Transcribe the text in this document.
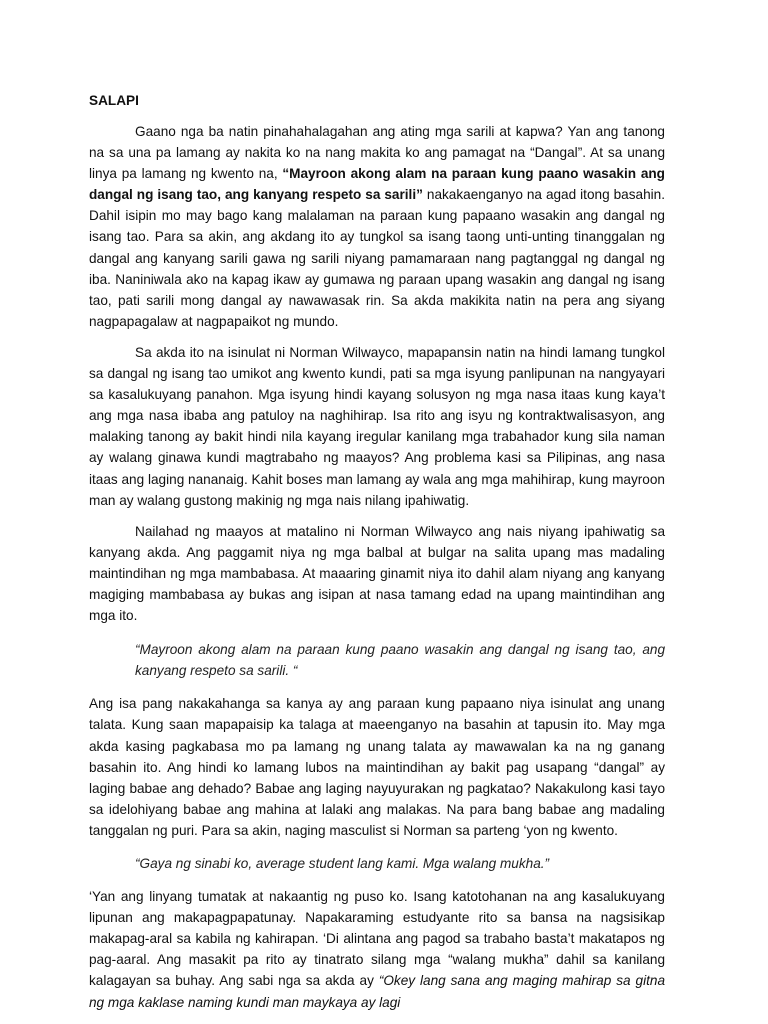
SALAPI

Gaano nga ba natin pinahahalagahan ang ating mga sarili at kapwa? Yan ang tanong na sa una pa lamang ay nakita ko na nang makita ko ang pamagat na “Dangal”. At sa unang linya pa lamang ng kwento na, “Mayroon akong alam na paraan kung paano wasakin ang dangal ng isang tao, ang kanyang respeto sa sarili” nakakaenganyo na agad itong basahin. Dahil isipin mo may bago kang malalaman na paraan kung papaano wasakin ang dangal ng isang tao. Para sa akin, ang akdang ito ay tungkol sa isang taong unti-unting tinanggalan ng dangal ang kanyang sarili gawa ng sarili niyang pamamaraan nang pagtanggal ng dangal ng iba. Naniniwala ako na kapag ikaw ay gumawa ng paraan upang wasakin ang dangal ng isang tao, pati sarili mong dangal ay nawawasak rin. Sa akda makikita natin na pera ang siyang nagpapagalaw at nagpapaikot ng mundo.

Sa akda ito na isinulat ni Norman Wilwayco, mapapansin natin na hindi lamang tungkol sa dangal ng isang tao umikot ang kwento kundi, pati sa mga isyung panlipunan na nangyayari sa kasalukuyang panahon. Mga isyung hindi kayang solusyon ng mga nasa itaas kung kaya’t ang mga nasa ibaba ang patuloy na naghihirap. Isa rito ang isyu ng kontraktwalisasyon, ang malaking tanong ay bakit hindi nila kayang iregular kanilang mga trabahador kung sila naman ay walang ginawa kundi magtrabaho ng maayos? Ang problema kasi sa Pilipinas, ang nasa itaas ang laging nananaig. Kahit boses man lamang ay wala ang mga mahihirap, kung mayroon man ay walang gustong makinig ng mga nais nilang ipahiwatig.

Nailahad ng maayos at matalino ni Norman Wilwayco ang nais niyang ipahiwatig sa kanyang akda. Ang paggamit niya ng mga balbal at bulgar na salita upang mas madaling maintindihan ng mga mambabasa. At maaaring ginamit niya ito dahil alam niyang ang kanyang magiging mambabasa ay bukas ang isipan at nasa tamang edad na upang maintindihan ang mga ito.

“Mayroon akong alam na paraan kung paano wasakin ang dangal ng isang tao, ang kanyang respeto sa sarili. “

Ang isa pang nakakahanga sa kanya ay ang paraan kung papaano niya isinulat ang unang talata. Kung saan mapapaisip ka talaga at maeenganyo na basahin at tapusin ito. May mga akda kasing pagkabasa mo pa lamang ng unang talata ay mawawalan ka na ng ganang basahin ito. Ang hindi ko lamang lubos na maintindihan ay bakit pag usapang “dangal” ay laging babae ang dehado? Babae ang laging nayuyurakan ng pagkatao? Nakakulong kasi tayo sa idelohiyang babae ang mahina at lalaki ang malakas. Na para bang babae ang madaling tanggalan ng puri. Para sa akin, naging masculist si Norman sa parteng ‘yon ng kwento.

“Gaya ng sinabi ko, average student lang kami. Mga walang mukha.”

‘Yan ang linyang tumatak at nakaantig ng puso ko. Isang katotohanan na ang kasalukuyang lipunan ang makapagpapatunay. Napakaraming estudyante rito sa bansa na nagsisikap makapag-aral sa kabila ng kahirapan. ‘Di alintana ang pagod sa trabaho basta’t makatapos ng pag-aaral. Ang masakit pa rito ay tinatrato silang mga “walang mukha” dahil sa kanilang kalagayan sa buhay. Ang sabi nga sa akda ay “Okey lang sana ang maging mahirap sa gitna ng mga kaklase naming kundi man maykaya ay lagi
